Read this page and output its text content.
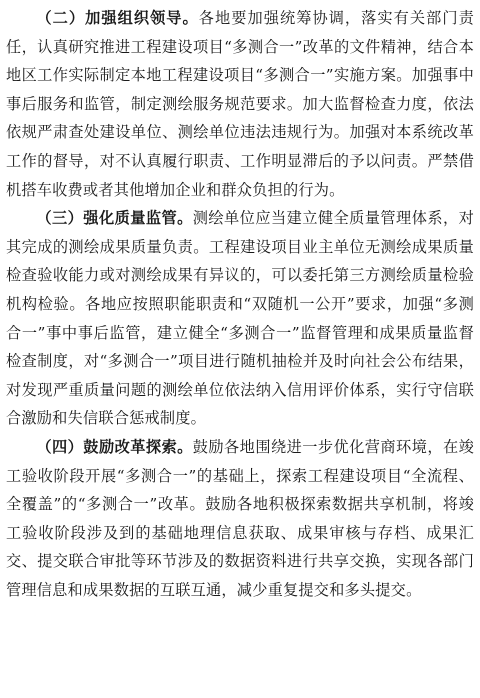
（二）加强组织领导。各地要加强统筹协调，落实有关部门责任，认真研究推进工程建设项目“多测合一”改革的文件精神，结合本地区工作实际制定本地工程建设项目“多测合一”实施方案。加强事中事后服务和监管，制定测绘服务规范要求。加大监督检查力度，依法依规严肃查处建设单位、测绘单位违法违规行为。加强对本系统改革工作的督导，对不认真履行职责、工作明显滞后的予以问责。严禁借机搭车收费或者其他增加企业和群众负担的行为。

（三）强化质量监管。测绘单位应当建立健全质量管理体系，对其完成的测绘成果质量负责。工程建设项目业主单位无测绘成果质量检查验收能力或对测绘成果有异议的，可以委托第三方测绘质量检验机构检验。各地应按照职能职责和“双随机一公开”要求，加强“多测合一”事中事后监管，建立健全“多测合一”监督管理和成果质量监督检查制度，对“多测合一”项目进行随机抽检并及时向社会公布结果，对发现严重质量问题的测绘单位依法纳入信用评价体系，实行守信联合激励和失信联合惩戒制度。

（四）鼓励改革探索。鼓励各地围绕进一步优化营商环境，在竣工验收阶段开展“多测合一”的基础上，探索工程建设项目“全流程、全覆盖”的“多测合一”改革。鼓励各地积极探索数据共享机制，将竣工验收阶段涉及到的基础地理信息获取、成果审核与存档、成果汇交、提交联合审批等环节涉及的数据资料进行共享交换，实现各部门管理信息和成果数据的互联互通，减少重复提交和多头提交。
